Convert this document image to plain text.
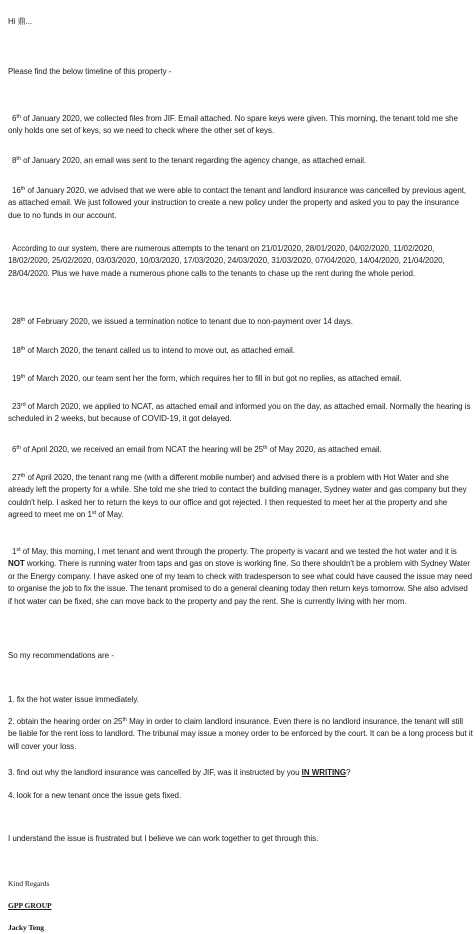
Hi 鼎...

Please find the below timeline of this property -

6th of January 2020, we collected files from JIF. Email attached. No spare keys were given. This morning, the tenant told me she only holds one set of keys, so we need to check where the other set of keys.

8th of January 2020, an email was sent to the tenant regarding the agency change, as attached email.

16th of January 2020, we advised that we were able to contact the tenant and landlord insurance was cancelled by previous agent, as attached email. We just followed your instruction to create a new policy under the property and asked you to pay the insurance due to no funds in our account.

According to our system, there are numerous attempts to the tenant on 21/01/2020, 28/01/2020, 04/02/2020, 11/02/2020, 18/02/2020, 25/02/2020, 03/03/2020, 10/03/2020, 17/03/2020, 24/03/2020, 31/03/2020, 07/04/2020, 14/04/2020, 21/04/2020, 28/04/2020. Plus we have made a numerous phone calls to the tenants to chase up the rent during the whole period.

28th of February 2020, we issued a termination notice to tenant due to non-payment over 14 days.

18th of March 2020, the tenant called us to intend to move out, as attached email.

19th of March 2020, our team sent her the form, which requires her to fill in but got no replies, as attached email.

23rd of March 2020, we applied to NCAT, as attached email and informed you on the day, as attached email. Normally the hearing is scheduled in 2 weeks, but because of COVID-19, it got delayed.

6th of April 2020, we received an email from NCAT the hearing will be 25th of May 2020, as attached email.

27th of April 2020, the tenant rang me (with a different mobile number) and advised there is a problem with Hot Water and she already left the property for a while. She told me she tried to contact the building manager, Sydney water and gas company but they couldn't help. I asked her to return the keys to our office and got rejected. I then requested to meet her at the property and she agreed to meet me on 1st of May.

1st of May, this morning, I met tenant and went through the property. The property is vacant and we tested the hot water and it is NOT working. There is running water from taps and gas on stove is working fine. So there shouldn't be a problem with Sydney Water or the Energy company. I have asked one of my team to check with tradesperson to see what could have caused the issue may need to organise the job to fix the issue. The tenant promised to do a general cleaning today then return keys tomorrow. She also advised if hot water can be fixed, she can move back to the property and pay the rent. She is currently living with her mom.

So my recommendations are -

1. fix the hot water issue immediately.

2. obtain the hearing order on 25th May in order to claim landlord insurance. Even there is no landlord insurance, the tenant will still be liable for the rent loss to landlord. The tribunal may issue a money order to be enforced by the court. It can be a long process but it will cover your loss.

3. find out why the landlord insurance was cancelled by JIF, was it instructed by you IN WRITING?

4. look for a new tenant once the issue gets fixed.

I understand the issue is frustrated but I believe we can work together to get through this.

Kind Regards

GPP GROUP

Jacky Teng
